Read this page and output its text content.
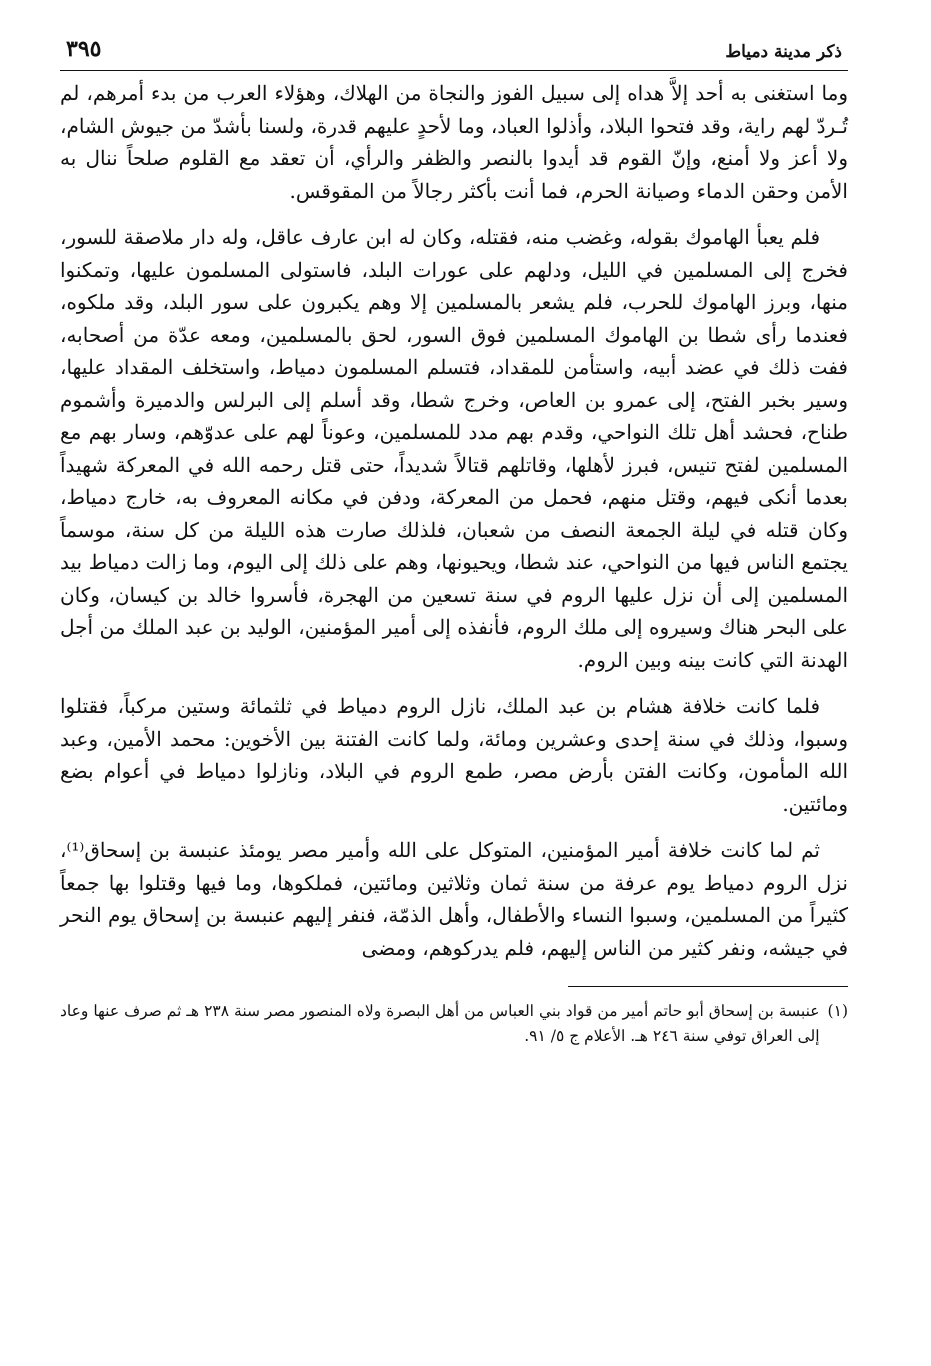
ذكر مدينة دمياط
٣٩٥

وما استغنى به أحد إلاَّ هداه إلى سبيل الفوز والنجاة من الهلاك، وهؤلاء العرب من بدء أمرهم، لم تُـردّ لهم راية، وقد فتحوا البلاد، وأذلوا العباد، وما لأحدٍ عليهم قدرة، ولسنا بأشدّ من جيوش الشام، ولا أعز ولا أمنع، وإنّ القوم قد أيدوا بالنصر والظفر والرأي، أن تعقد مع القلوم صلحاً ننال به الأمن وحقن الدماء وصيانة الحرم، فما أنت بأكثر رجالاً من المقوقس.

فلم يعبأ الهاموك بقوله، وغضب منه، فقتله، وكان له ابن عارف عاقل، وله دار ملاصقة للسور، فخرج إلى المسلمين في الليل، ودلهم على عورات البلد، فاستولى المسلمون عليها، وتمكنوا منها، وبرز الهاموك للحرب، فلم يشعر بالمسلمين إلا وهم يكبرون على سور البلد، وقد ملكوه، فعندما رأى شطا بن الهاموك المسلمين فوق السور، لحق بالمسلمين، ومعه عدّة من أصحابه، ففت ذلك في عضد أبيه، واستأمن للمقداد، فتسلم المسلمون دمياط، واستخلف المقداد عليها، وسير بخبر الفتح، إلى عمرو بن العاص، وخرج شطا، وقد أسلم إلى البرلس والدميرة وأشموم طناح، فحشد أهل تلك النواحي، وقدم بهم مدد للمسلمين، وعوناً لهم على عدوّهم، وسار بهم مع المسلمين لفتح تنيس، فبرز لأهلها، وقاتلهم قتالاً شديداً، حتى قتل رحمه الله في المعركة شهيداً بعدما أنكى فيهم، وقتل منهم، فحمل من المعركة، ودفن في مكانه المعروف به، خارج دمياط، وكان قتله في ليلة الجمعة النصف من شعبان، فلذلك صارت هذه الليلة من كل سنة، موسماً يجتمع الناس فيها من النواحي، عند شطا، ويحيونها، وهم على ذلك إلى اليوم، وما زالت دمياط بيد المسلمين إلى أن نزل عليها الروم في سنة تسعين من الهجرة، فأسروا خالد بن كيسان، وكان على البحر هناك وسيروه إلى ملك الروم، فأنفذه إلى أمير المؤمنين، الوليد بن عبد الملك من أجل الهدنة التي كانت بينه وبين الروم.

فلما كانت خلافة هشام بن عبد الملك، نازل الروم دمياط في ثلثمائة وستين مركباً، فقتلوا وسبوا، وذلك في سنة إحدى وعشرين ومائة، ولما كانت الفتنة بين الأخوين: محمد الأمين، وعبد الله المأمون، وكانت الفتن بأرض مصر، طمع الروم في البلاد، ونازلوا دمياط في أعوام بضع ومائتين.

ثم لما كانت خلافة أمير المؤمنين، المتوكل على الله وأمير مصر يومئذ عنبسة بن إسحاق⁽¹⁾، نزل الروم دمياط يوم عرفة من سنة ثمان وثلاثين ومائتين، فملكوها، وما فيها وقتلوا بها جمعاً كثيراً من المسلمين، وسبوا النساء والأطفال، وأهل الذمّة، فنفر إليهم عنبسة بن إسحاق يوم النحر في جيشه، ونفر كثير من الناس إليهم، فلم يدركوهم، ومضى

(١)
عنبسة بن إسحاق أبو حاتم أمير من قواد بني العباس من أهل البصرة ولاه المنصور مصر سنة ٢٣٨ هـ ثم صرف عنها وعاد إلى العراق توفي سنة ٢٤٦ هـ. الأعلام ج ٥/ ٩١.
